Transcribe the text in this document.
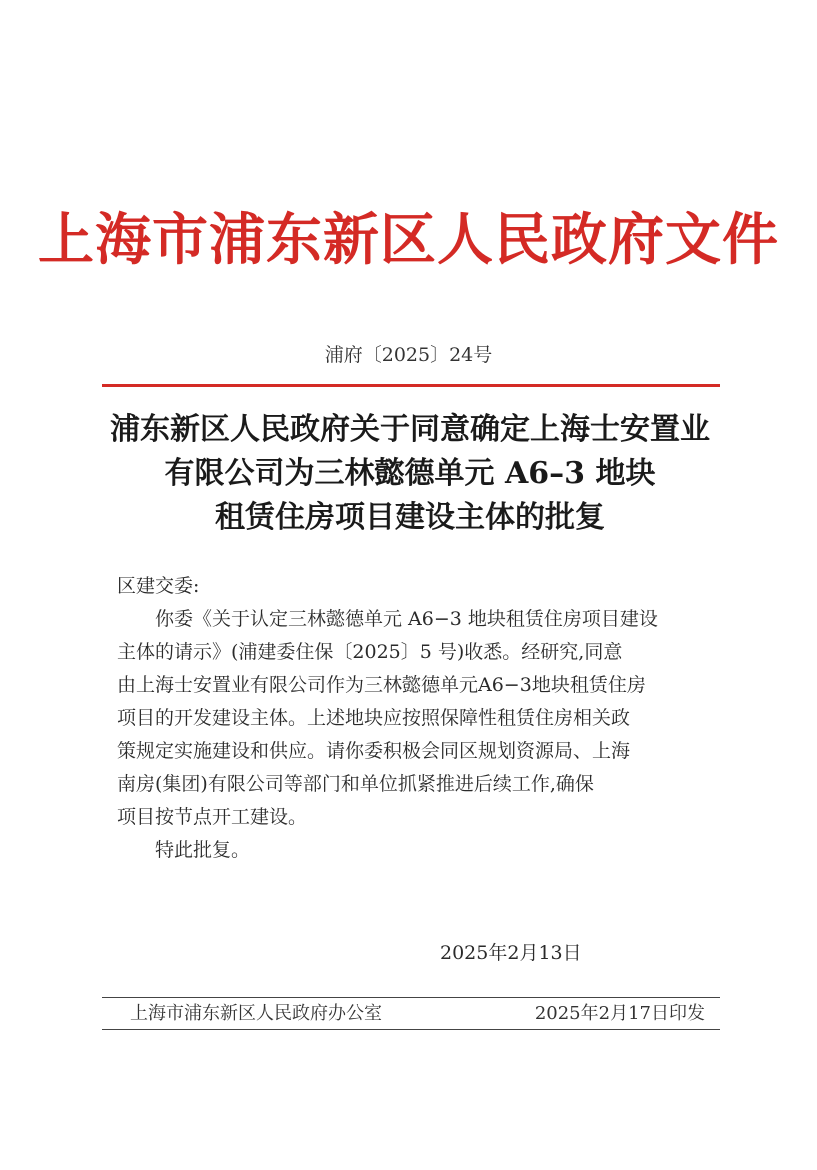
上海市浦东新区人民政府文件
浦府〔2025〕24号
浦东新区人民政府关于同意确定上海士安置业
有限公司为三林懿德单元 A6–3 地块
租赁住房项目建设主体的批复
区建交委:
你委《关于认定三林懿德单元 A6−3 地块租赁住房项目建设
主体的请示》(浦建委住保〔2025〕5 号)收悉。经研究,同意
由上海士安置业有限公司作为三林懿德单元A6−3地块租赁住房
项目的开发建设主体。上述地块应按照保障性租赁住房相关政
策规定实施建设和供应。请你委积极会同区规划资源局、上海
南房(集团)有限公司等部门和单位抓紧推进后续工作,确保
项目按节点开工建设。
特此批复。
2025年2月13日
上海市浦东新区人民政府办公室	2025年2月17日印发
